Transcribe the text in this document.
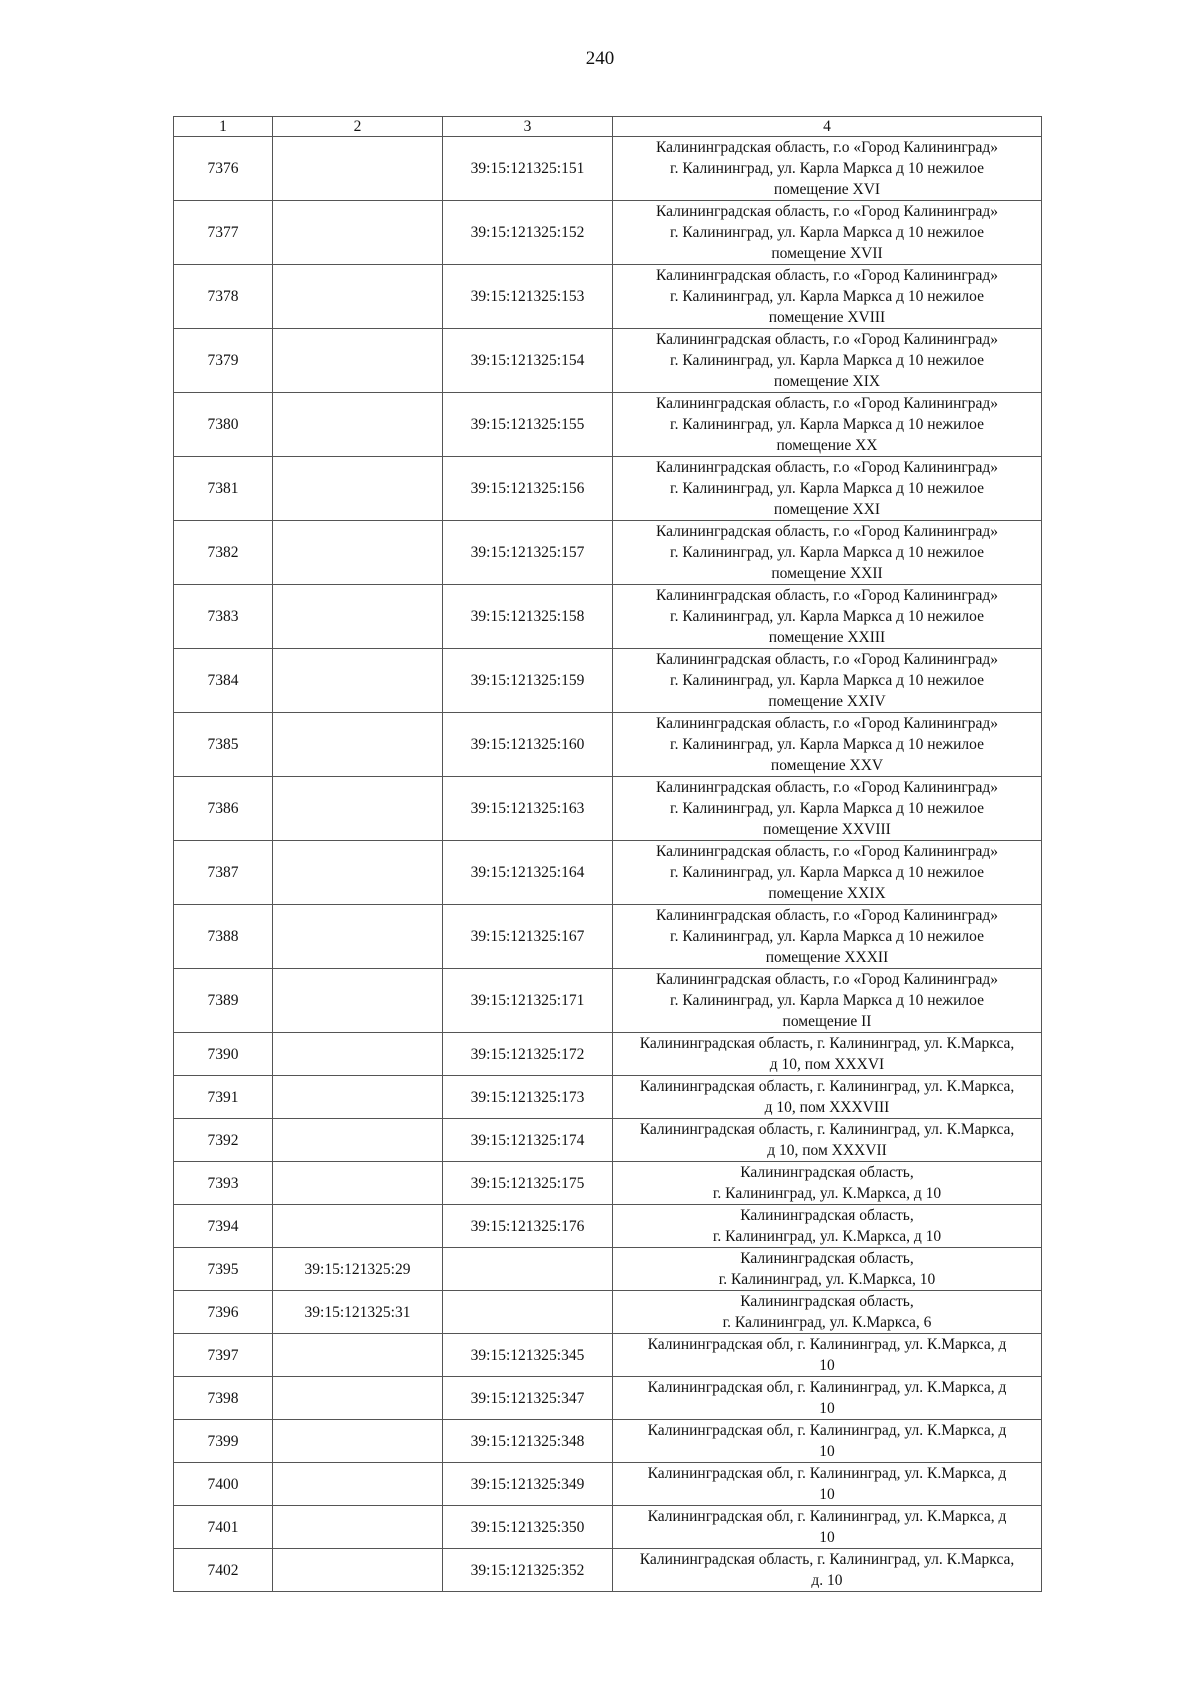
240
1	2	3	4
7376		39:15:121325:151	Калининградская область, г.о «Город Калининград»
г. Калининград, ул. Карла Маркса д 10 нежилое
помещение XVI
7377		39:15:121325:152	Калининградская область, г.о «Город Калининград»
г. Калининград, ул. Карла Маркса д 10 нежилое
помещение XVII
7378		39:15:121325:153	Калининградская область, г.о «Город Калининград»
г. Калининград, ул. Карла Маркса д 10 нежилое
помещение XVIII
7379		39:15:121325:154	Калининградская область, г.о «Город Калининград»
г. Калининград, ул. Карла Маркса д 10 нежилое
помещение XIX
7380		39:15:121325:155	Калининградская область, г.о «Город Калининград»
г. Калининград, ул. Карла Маркса д 10 нежилое
помещение XX
7381		39:15:121325:156	Калининградская область, г.о «Город Калининград»
г. Калининград, ул. Карла Маркса д 10 нежилое
помещение XXI
7382		39:15:121325:157	Калининградская область, г.о «Город Калининград»
г. Калининград, ул. Карла Маркса д 10 нежилое
помещение XXII
7383		39:15:121325:158	Калининградская область, г.о «Город Калининград»
г. Калининград, ул. Карла Маркса д 10 нежилое
помещение XXIII
7384		39:15:121325:159	Калининградская область, г.о «Город Калининград»
г. Калининград, ул. Карла Маркса д 10 нежилое
помещение XXIV
7385		39:15:121325:160	Калининградская область, г.о «Город Калининград»
г. Калининград, ул. Карла Маркса д 10 нежилое
помещение XXV
7386		39:15:121325:163	Калининградская область, г.о «Город Калининград»
г. Калининград, ул. Карла Маркса д 10 нежилое
помещение XXVIII
7387		39:15:121325:164	Калининградская область, г.о «Город Калининград»
г. Калининград, ул. Карла Маркса д 10 нежилое
помещение XXIX
7388		39:15:121325:167	Калининградская область, г.о «Город Калининград»
г. Калининград, ул. Карла Маркса д 10 нежилое
помещение XXXII
7389		39:15:121325:171	Калининградская область, г.о «Город Калининград»
г. Калининград, ул. Карла Маркса д 10 нежилое
помещение II
7390		39:15:121325:172	Калининградская область, г. Калининград, ул. К.Маркса,
д 10, пом XXXVI
7391		39:15:121325:173	Калининградская область, г. Калининград, ул. К.Маркса,
д 10, пом XXXVIII
7392		39:15:121325:174	Калининградская область, г. Калининград, ул. К.Маркса,
д 10, пом XXXVII
7393		39:15:121325:175	Калининградская область,
г. Калининград, ул. К.Маркса, д 10
7394		39:15:121325:176	Калининградская область,
г. Калининград, ул. К.Маркса, д 10
7395	39:15:121325:29		Калининградская область,
г. Калининград, ул. К.Маркса, 10
7396	39:15:121325:31		Калининградская область,
г. Калининград, ул. К.Маркса, 6
7397		39:15:121325:345	Калининградская обл, г. Калининград, ул. К.Маркса, д
10
7398		39:15:121325:347	Калининградская обл, г. Калининград, ул. К.Маркса, д
10
7399		39:15:121325:348	Калининградская обл, г. Калининград, ул. К.Маркса, д
10
7400		39:15:121325:349	Калининградская обл, г. Калининград, ул. К.Маркса, д
10
7401		39:15:121325:350	Калининградская обл, г. Калининград, ул. К.Маркса, д
10
7402		39:15:121325:352	Калининградская область, г. Калининград, ул. К.Маркса,
д. 10
